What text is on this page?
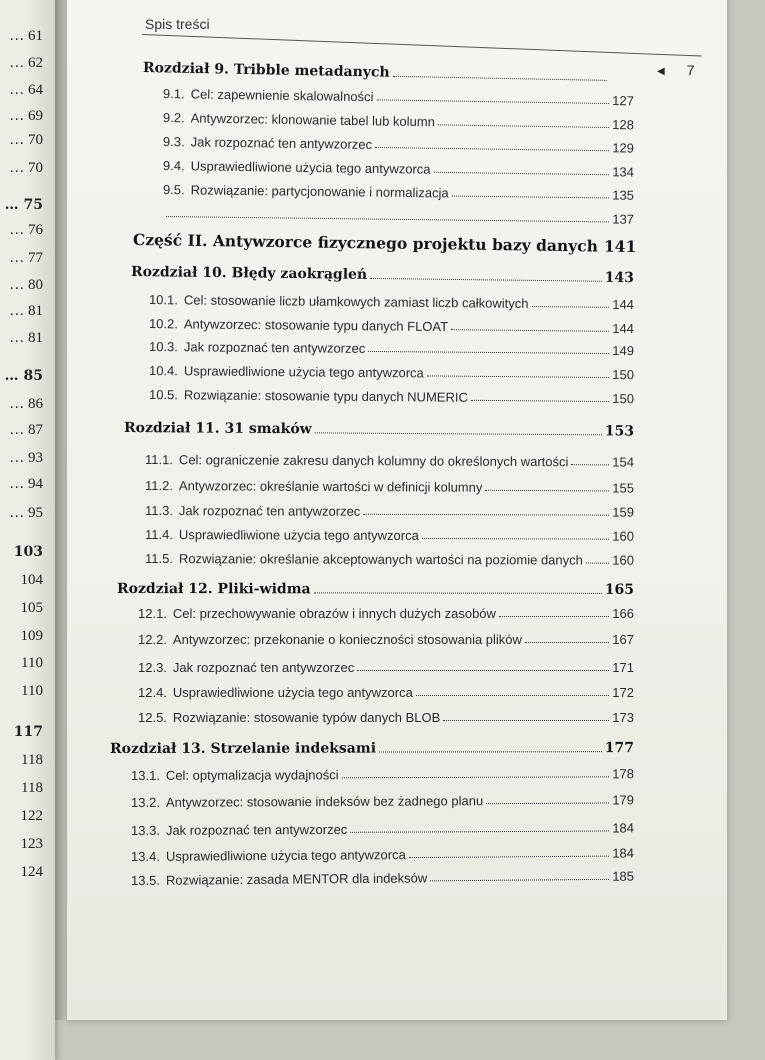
… 61
… 62
… 64
… 69
… 70
… 70
… 75
… 76
… 77
… 80
… 81
… 81
… 85
… 86
… 87
… 93
… 94
… 95
103
104
105
109
110
110
117
118
118
122
123
124
Spis treści
◀ 7
Rozdział 9. Tribble metadanych
9.1. Cel: zapewnienie skalowalności	127
9.2. Antywzorzec: klonowanie tabel lub kolumn	128
9.3. Jak rozpoznać ten antywzorzec	129
9.4. Usprawiedliwione użycia tego antywzorca	134
9.5. Rozwiązanie: partycjonowanie i normalizacja	135
137
Część II. Antywzorce fizycznego projektu bazy danych 141
Rozdział 10. Błędy zaokrągleń	143
10.1. Cel: stosowanie liczb ułamkowych zamiast liczb całkowitych	144
10.2. Antywzorzec: stosowanie typu danych FLOAT	144
10.3. Jak rozpoznać ten antywzorzec	149
10.4. Usprawiedliwione użycia tego antywzorca	150
10.5. Rozwiązanie: stosowanie typu danych NUMERIC	150
Rozdział 11. 31 smaków	153
11.1. Cel: ograniczenie zakresu danych kolumny do określonych wartości	154
11.2. Antywzorzec: określanie wartości w definicji kolumny	155
11.3. Jak rozpoznać ten antywzorzec	159
11.4. Usprawiedliwione użycia tego antywzorca	160
11.5. Rozwiązanie: określanie akceptowanych wartości na poziomie danych 160
Rozdział 12. Pliki-widma	165
12.1. Cel: przechowywanie obrazów i innych dużych zasobów	166
12.2. Antywzorzec: przekonanie o konieczności stosowania plików	167
12.3. Jak rozpoznać ten antywzorzec	171
12.4. Usprawiedliwione użycia tego antywzorca	172
12.5. Rozwiązanie: stosowanie typów danych BLOB	173
Rozdział 13. Strzelanie indeksami	177
13.1. Cel: optymalizacja wydajności	178
13.2. Antywzorzec: stosowanie indeksów bez żadnego planu	179
13.3. Jak rozpoznać ten antywzorzec	184
13.4. Usprawiedliwione użycia tego antywzorca	184
13.5. Rozwiązanie: zasada MENTOR dla indeksów	185
